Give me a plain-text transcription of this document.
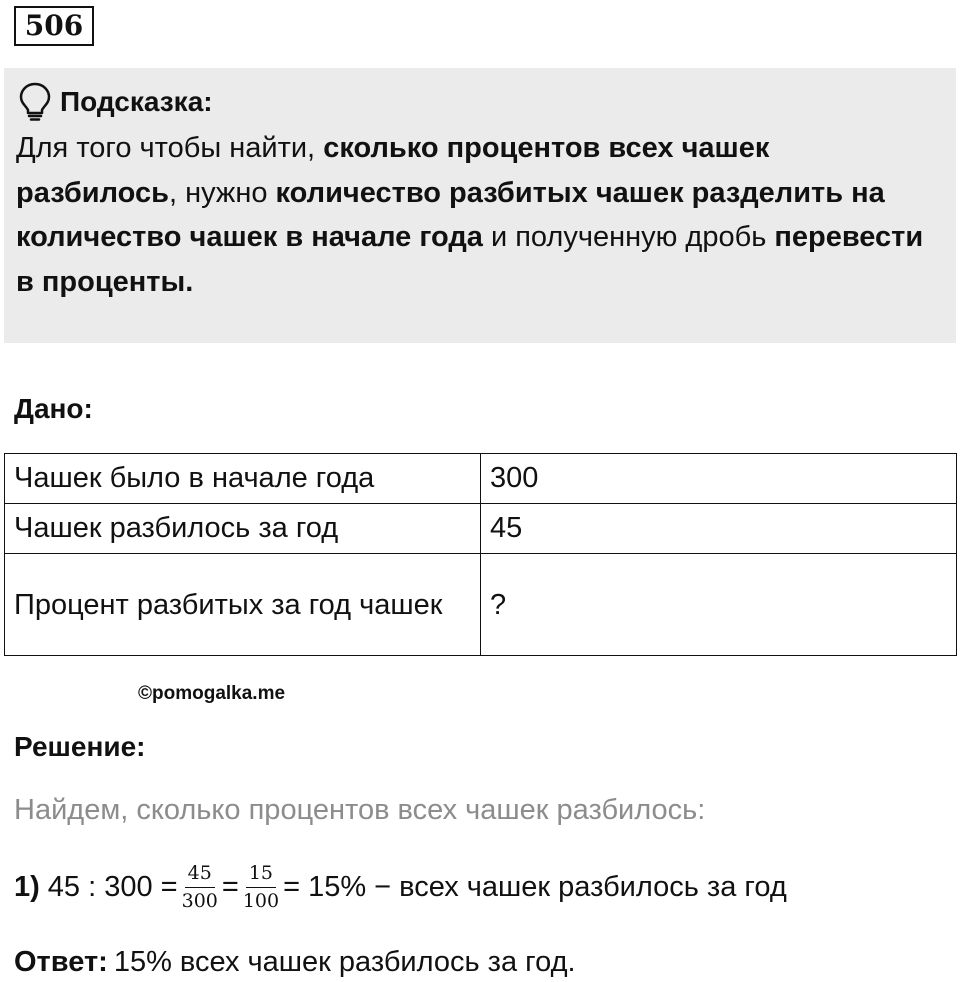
506
Подсказка:
Для того чтобы найти, сколько процентов всех чашек разбилось, нужно количество разбитых чашек разделить на количество чашек в начале года и полученную дробь перевести в проценты.
Дано:
Чашек было в начале года	300
Чашек разбилось за год	45
Процент разбитых за год чашек	?
©pomogalka.me
Решение:
Найдем, сколько процентов всех чашек разбилось:
1) 45 : $300 = \frac{45}{300} = \frac{15}{100} = 15\%$ − всех чашек разбилось за год
Ответ: 15% всех чашек разбилось за год.
